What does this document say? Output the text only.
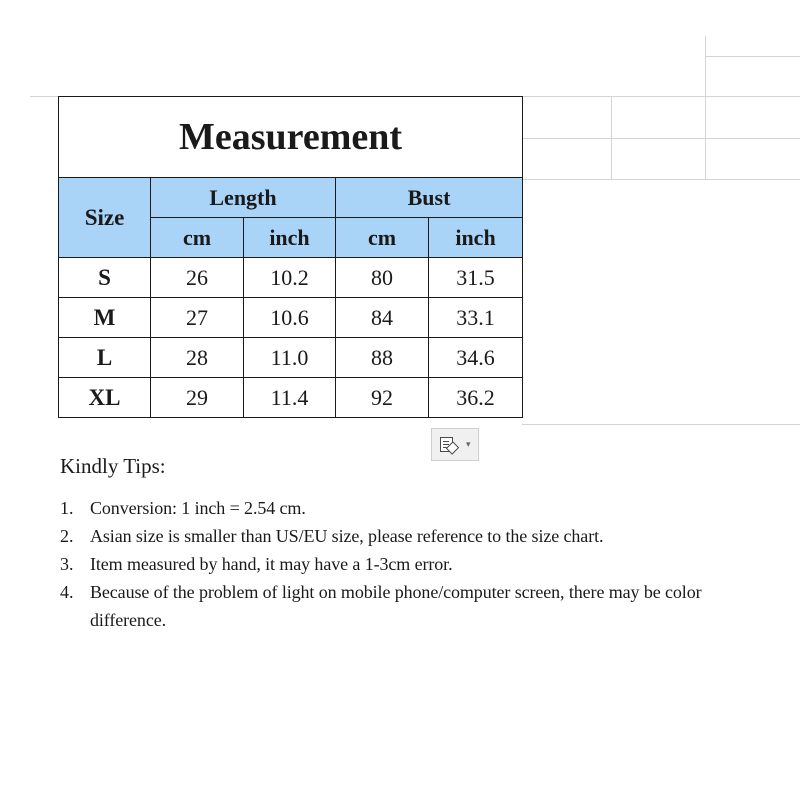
Measurement				
Size	Length		Bust	
	cm	inch	cm	inch
S	26	10.2	80	31.5
M	27	10.6	84	33.1
L	28	11.0	88	34.6
XL	29	11.4	92	36.2
▾

Kindly Tips:

1. Conversion: 1 inch = 2.54 cm.
2. Asian size is smaller than US/EU size, please reference to the size chart.
3. Item measured by hand, it may have a 1-3cm error.
4. Because of the problem of light on mobile phone/computer screen, there may be color difference.
